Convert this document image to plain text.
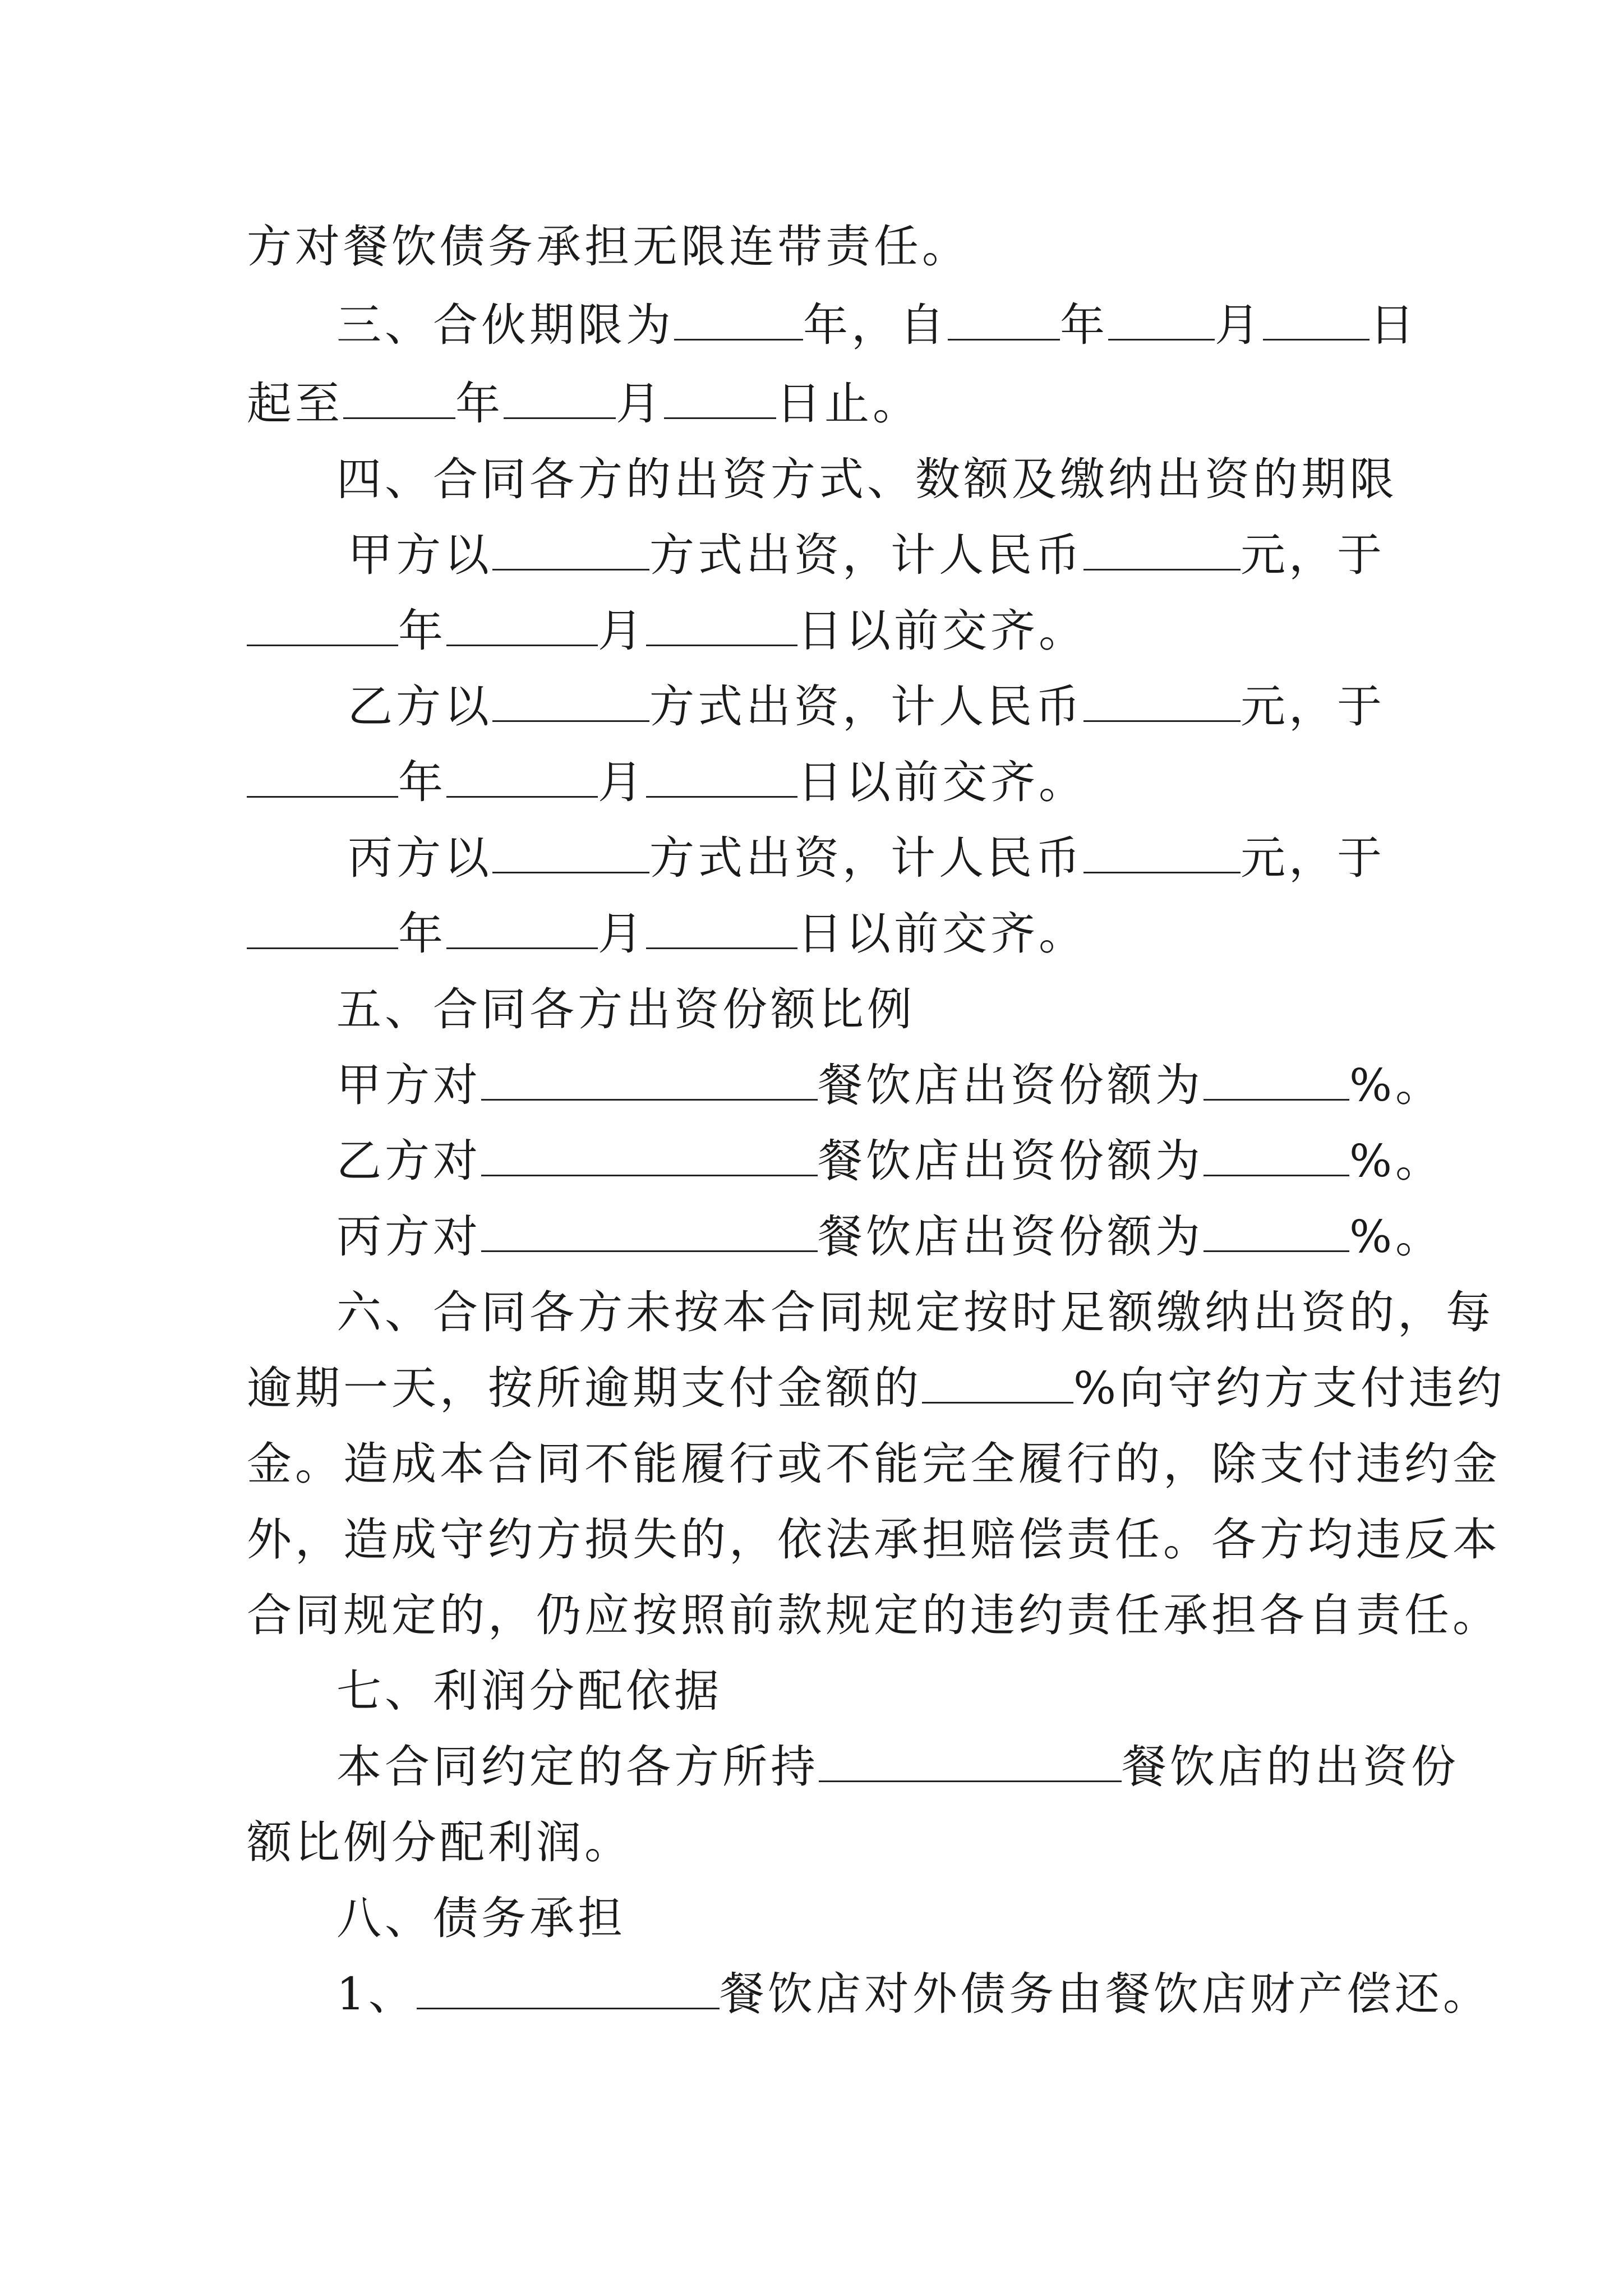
方对餐饮债务承担无限连带责任。
三、合伙期限为	年，自	年 月 日
起至	年	月	日止。
四、合同各方的出资方式、数额及缴纳出资的期限
甲方以	方式出资，计人民币	元，于
年	月	日以前交齐。
乙方以	方式出资，计人民币	元，于
年	月	日以前交齐。
丙方以	方式出资，计人民币	元，于
年	月	日以前交齐。
五、合同各方出资份额比例
甲方对	餐饮店出资份额为	%。
乙方对	餐饮店出资份额为	%。
丙方对	餐饮店出资份额为	%。
六、合同各方未按本合同规定按时足额缴纳出资的，每
逾期一天，按所逾期支付金额的	%向守约方支付违约
金。造成本合同不能履行或不能完全履行的，除支付违约金
外，造成守约方损失的，依法承担赔偿责任。各方均违反本
合同规定的，仍应按照前款规定的违约责任承担各自责任。
七、利润分配依据
本合同约定的各方所持	餐饮店的出资份
额比例分配利润。
八、债务承担
1、	餐饮店对外债务由餐饮店财产偿还。
